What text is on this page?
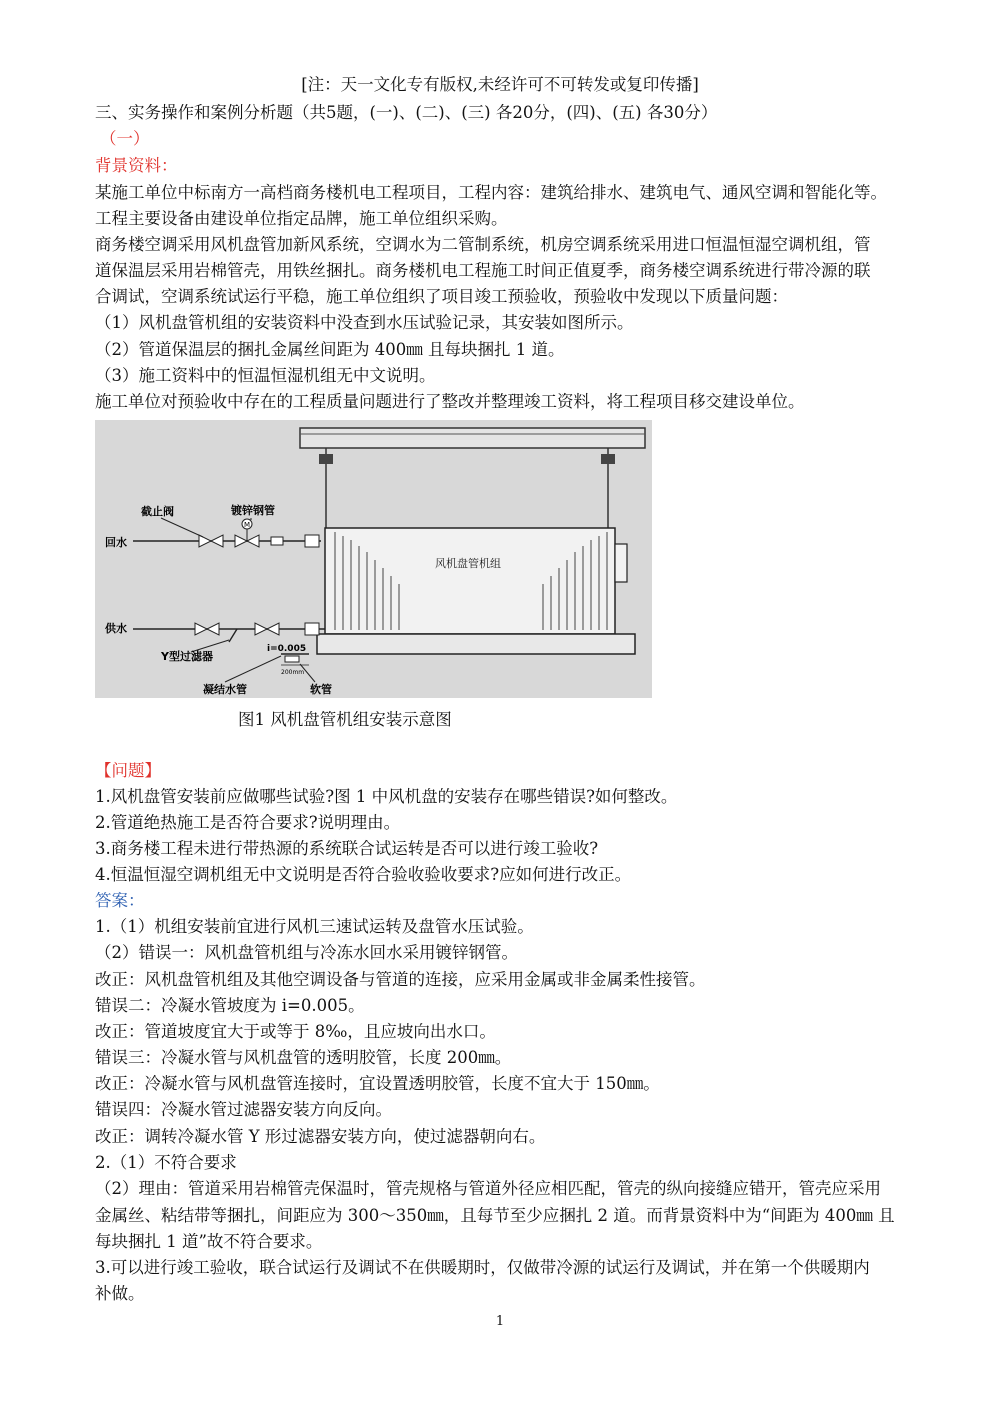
[注：天一文化专有版权,未经许可不可转发或复印传播]
三、实务操作和案例分析题（共5题，(一)、(二)、(三) 各20分，(四)、(五) 各30分）
（一）
背景资料：
某施工单位中标南方一高档商务楼机电工程项目，工程内容：建筑给排水、建筑电气、通风空调和智能化等。
工程主要设备由建设单位指定品牌，施工单位组织采购。
商务楼空调采用风机盘管加新风系统，空调水为二管制系统，机房空调系统采用进口恒温恒湿空调机组，管
道保温层采用岩棉管壳，用铁丝捆扎。商务楼机电工程施工时间正值夏季，商务楼空调系统进行带冷源的联
合调试，空调系统试运行平稳，施工单位组织了项目竣工预验收，预验收中发现以下质量问题：
（1）风机盘管机组的安装资料中没查到水压试验记录，其安装如图所示。
（2）管道保温层的捆扎金属丝间距为 400㎜ 且每块捆扎 1 道。
（3）施工资料中的恒温恒湿机组无中文说明。
施工单位对预验收中存在的工程质量问题进行了整改并整理竣工资料，将工程项目移交建设单位。
风机盘管机组
M
截止阀	镀锌钢管
回水
供水
Y型过滤器
i=0.005
200mm
凝结水管	软管
图1 风机盘管机组安装示意图
【问题】
1.风机盘管安装前应做哪些试验?图 1 中风机盘的安装存在哪些错误?如何整改。
2.管道绝热施工是否符合要求?说明理由。
3.商务楼工程未进行带热源的系统联合试运转是否可以进行竣工验收?
4.恒温恒湿空调机组无中文说明是否符合验收验收要求?应如何进行改正。
答案：
1.（1）机组安装前宜进行风机三速试运转及盘管水压试验。
（2）错误一：风机盘管机组与冷冻水回水采用镀锌钢管。
改正：风机盘管机组及其他空调设备与管道的连接，应采用金属或非金属柔性接管。
错误二：冷凝水管坡度为 i=0.005。
改正：管道坡度宜大于或等于 8‰，且应坡向出水口。
错误三：冷凝水管与风机盘管的透明胶管，长度 200㎜。
改正：冷凝水管与风机盘管连接时，宜设置透明胶管，长度不宜大于 150㎜。
错误四：冷凝水管过滤器安装方向反向。
改正：调转冷凝水管 Y 形过滤器安装方向，使过滤器朝向右。
2.（1）不符合要求
（2）理由：管道采用岩棉管壳保温时，管壳规格与管道外径应相匹配，管壳的纵向接缝应错开，管壳应采用
金属丝、粘结带等捆扎，间距应为 300～350㎜，且每节至少应捆扎 2 道。而背景资料中为“间距为 400㎜ 且
每块捆扎 1 道”故不符合要求。
3.可以进行竣工验收，联合试运行及调试不在供暖期时，仅做带冷源的试运行及调试，并在第一个供暖期内
补做。
1
